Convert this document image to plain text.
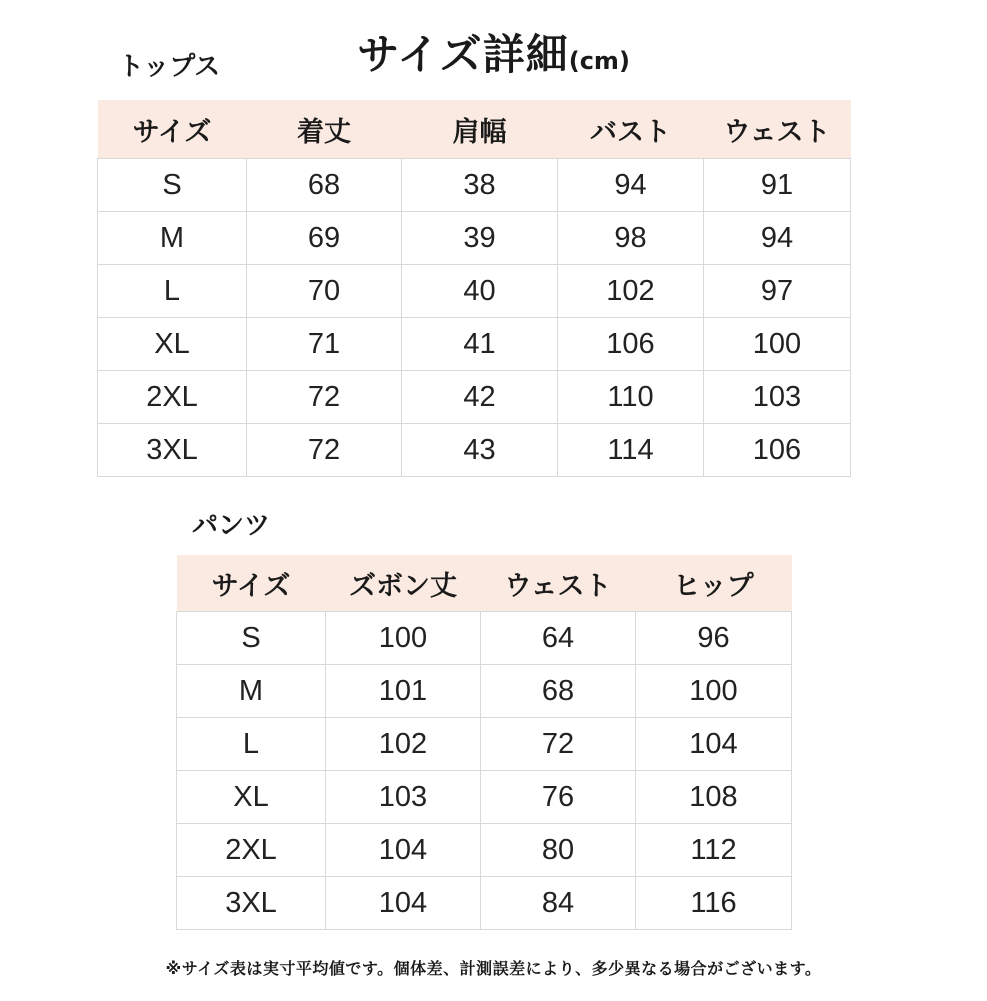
サイズ詳細(cm)
トップス
サイズ	着丈	肩幅	バスト	ウェスト
S	68	38	94	91
M	69	39	98	94
L	70	40	102	97
XL	71	41	106	100
2XL	72	42	110	103
3XL	72	43	114	106
パンツ
サイズ	ズボン丈	ウェスト	ヒップ
S	100	64	96
M	101	68	100
L	102	72	104
XL	103	76	108
2XL	104	80	112
3XL	104	84	116
※サイズ表は実寸平均値です。個体差、計測誤差により、多少異なる場合がございます。
